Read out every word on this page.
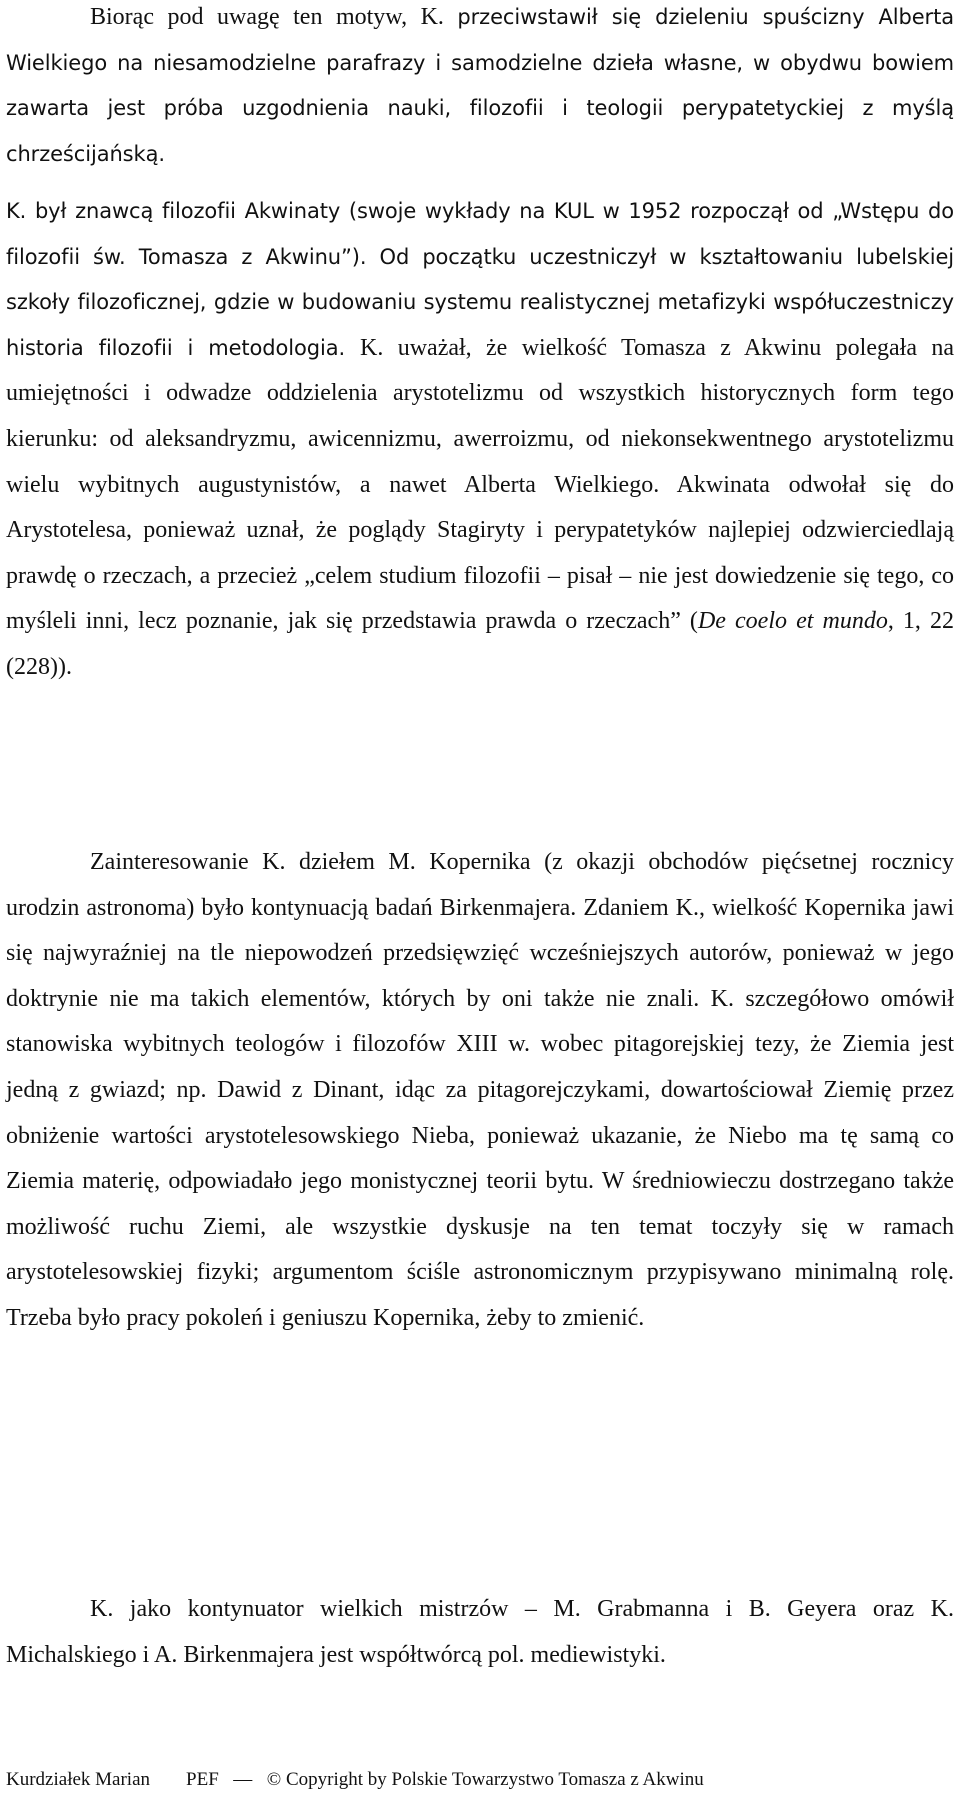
Biorąc pod uwagę ten motyw, K. przeciwstawił się dzieleniu spuścizny Alberta Wielkiego na niesamodzielne parafrazy i samodzielne dzieła własne, w obydwu bowiem zawarta jest próba uzgodnienia nauki, filozofii i teologii perypatetyckiej z myślą chrześcijańską.

K. był znawcą filozofii Akwinaty (swoje wykłady na KUL w 1952 rozpoczął od „Wstępu do filozofii św. Tomasza z Akwinu”). Od początku uczestniczył w kształtowaniu lubelskiej szkoły filozoficznej, gdzie w budowaniu systemu realistycznej metafizyki współuczestniczy historia filozofii i metodologia. K. uważał, że wielkość Tomasza z Akwinu polegała na umiejętności i odwadze oddzielenia arystotelizmu od wszystkich historycznych form tego kierunku: od aleksandryzmu, awicennizmu, awerroizmu, od niekonsekwentnego arystotelizmu wielu wybitnych augustynistów, a nawet Alberta Wielkiego. Akwinata odwołał się do Arystotelesa, ponieważ uznał, że poglądy Stagiryty i perypatetyków najlepiej odzwierciedlają prawdę o rzeczach, a przecież „celem studium filozofii – pisał – nie jest dowiedzenie się tego, co myśleli inni, lecz poznanie, jak się przedstawia prawda o rzeczach” (De coelo et mundo, 1, 22 (228)).

Zainteresowanie K. dziełem M. Kopernika (z okazji obchodów pięćsetnej rocznicy urodzin astronoma) było kontynuacją badań Birkenmajera. Zdaniem K., wielkość Kopernika jawi się najwyraźniej na tle niepowodzeń przedsięwzięć wcześniejszych autorów, ponieważ w jego doktrynie nie ma takich elementów, których by oni także nie znali. K. szczegółowo omówił stanowiska wybitnych teologów i filozofów XIII w. wobec pitagorejskiej tezy, że Ziemia jest jedną z gwiazd; np. Dawid z Dinant, idąc za pitagorejczykami, dowartościował Ziemię przez obniżenie wartości arystotelesowskiego Nieba, ponieważ ukazanie, że Niebo ma tę samą co Ziemia materię, odpowiadało jego monistycznej teorii bytu. W średniowieczu dostrzegano także możliwość ruchu Ziemi, ale wszystkie dyskusje na ten temat toczyły się w ramach arystotelesowskiej fizyki; argumentom ściśle astronomicznym przypisywano minimalną rolę. Trzeba było pracy pokoleń i geniuszu Kopernika, żeby to zmienić.

K. jako kontynuator wielkich mistrzów – M. Grabmanna i B. Geyera oraz K. Michalskiego i A. Birkenmajera jest współtwórcą pol. mediewistyki.

Kurdziałek Marian PEF — © Copyright by Polskie Towarzystwo Tomasza z Akwinu
